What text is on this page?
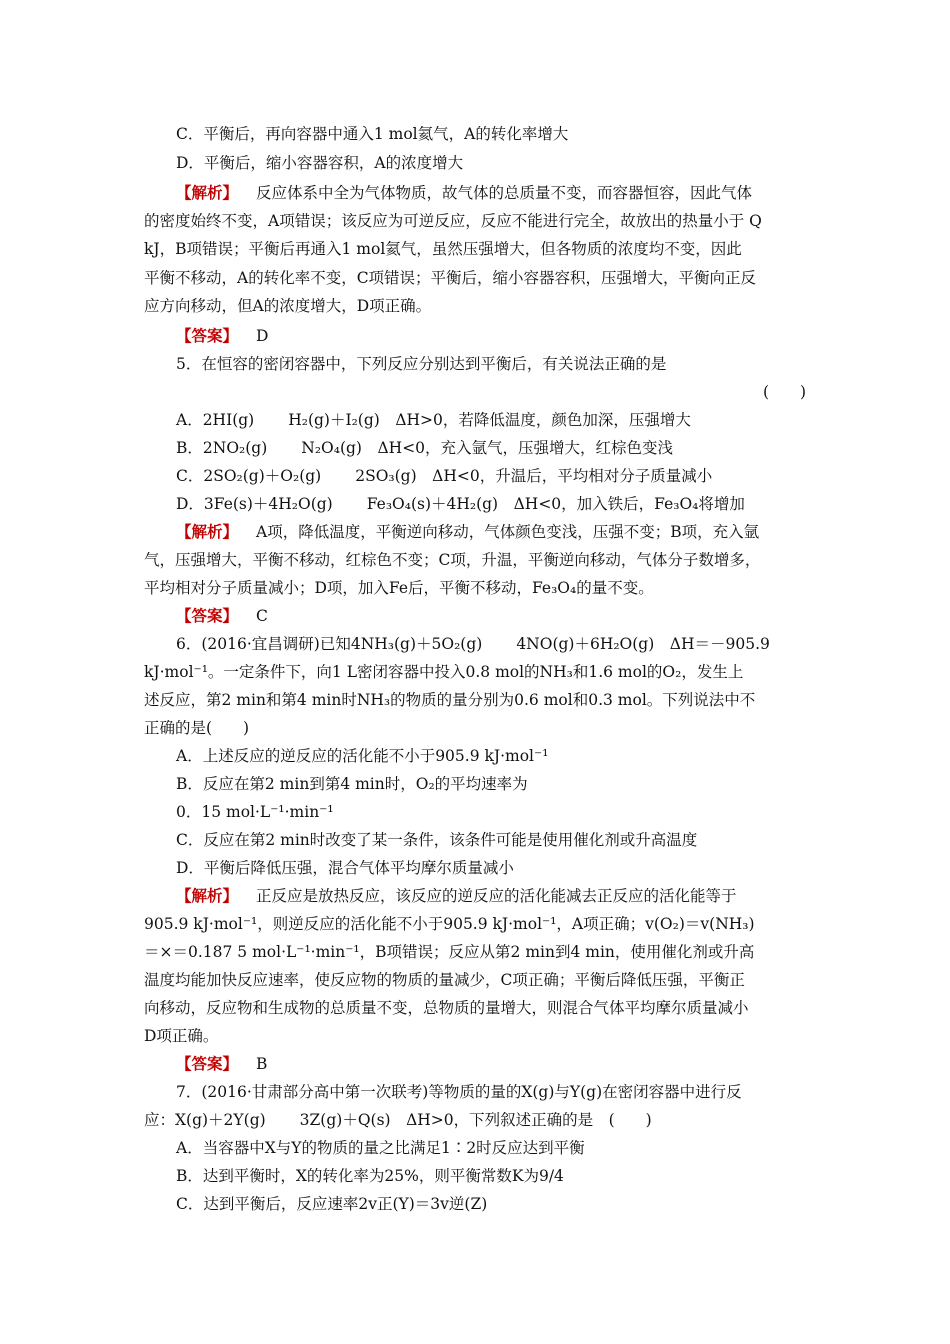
C．平衡后，再向容器中通入1 mol氦气，A的转化率增大
D．平衡后，缩小容器容积，A的浓度增大
【解析】 反应体系中全为气体物质，故气体的总质量不变，而容器恒容，因此气体
的密度始终不变，A项错误；该反应为可逆反应，反应不能进行完全，故放出的热量小于 Q
kJ，B项错误；平衡后再通入1 mol氦气，虽然压强增大，但各物质的浓度均不变，因此
平衡不移动，A的转化率不变，C项错误；平衡后，缩小容器容积，压强增大，平衡向正反
应方向移动，但A的浓度增大，D项正确。
【答案】 D
5．在恒容的密闭容器中，下列反应分别达到平衡后，有关说法正确的是
(　　)
A．2HI(g) H₂(g)＋I₂(g)　ΔH>0，若降低温度，颜色加深，压强增大
B．2NO₂(g) N₂O₄(g)　ΔH<0，充入氩气，压强增大，红棕色变浅
C．2SO₂(g)＋O₂(g) 2SO₃(g)　ΔH<0，升温后，平均相对分子质量减小
D．3Fe(s)＋4H₂O(g) Fe₃O₄(s)＋4H₂(g)　ΔH<0，加入铁后，Fe₃O₄将增加
【解析】 A项，降低温度，平衡逆向移动，气体颜色变浅，压强不变；B项，充入氩
气，压强增大，平衡不移动，红棕色不变；C项，升温，平衡逆向移动，气体分子数增多，
平均相对分子质量减小；D项，加入Fe后，平衡不移动，Fe₃O₄的量不变。
【答案】 C
6．(2016·宜昌调研)已知4NH₃(g)＋5O₂(g) 4NO(g)＋6H₂O(g)　ΔH＝－905.9
kJ·mol⁻¹。一定条件下，向1 L密闭容器中投入0.8 mol的NH₃和1.6 mol的O₂，发生上
述反应，第2 min和第4 min时NH₃的物质的量分别为0.6 mol和0.3 mol。下列说法中不
正确的是(　　)
A．上述反应的逆反应的活化能不小于905.9 kJ·mol⁻¹
B．反应在第2 min到第4 min时，O₂的平均速率为
0．15 mol·L⁻¹·min⁻¹
C．反应在第2 min时改变了某一条件，该条件可能是使用催化剂或升高温度
D．平衡后降低压强，混合气体平均摩尔质量减小
【解析】 正反应是放热反应，该反应的逆反应的活化能减去正反应的活化能等于
905.9 kJ·mol⁻¹，则逆反应的活化能不小于905.9 kJ·mol⁻¹，A项正确；v(O₂)＝v(NH₃)
＝×＝0.187 5 mol·L⁻¹·min⁻¹，B项错误；反应从第2 min到4 min，使用催化剂或升高
温度均能加快反应速率，使反应物的物质的量减少，C项正确；平衡后降低压强，平衡正
向移动，反应物和生成物的总质量不变，总物质的量增大，则混合气体平均摩尔质量减小
D项正确。
【答案】 B
7．(2016·甘肃部分高中第一次联考)等物质的量的X(g)与Y(g)在密闭容器中进行反
应：X(g)＋2Y(g) 3Z(g)＋Q(s)　ΔH>0，下列叙述正确的是　(　　)
A．当容器中X与Y的物质的量之比满足1∶2时反应达到平衡
B．达到平衡时，X的转化率为25%，则平衡常数K为9/4
C．达到平衡后，反应速率2v正(Y)＝3v逆(Z)
